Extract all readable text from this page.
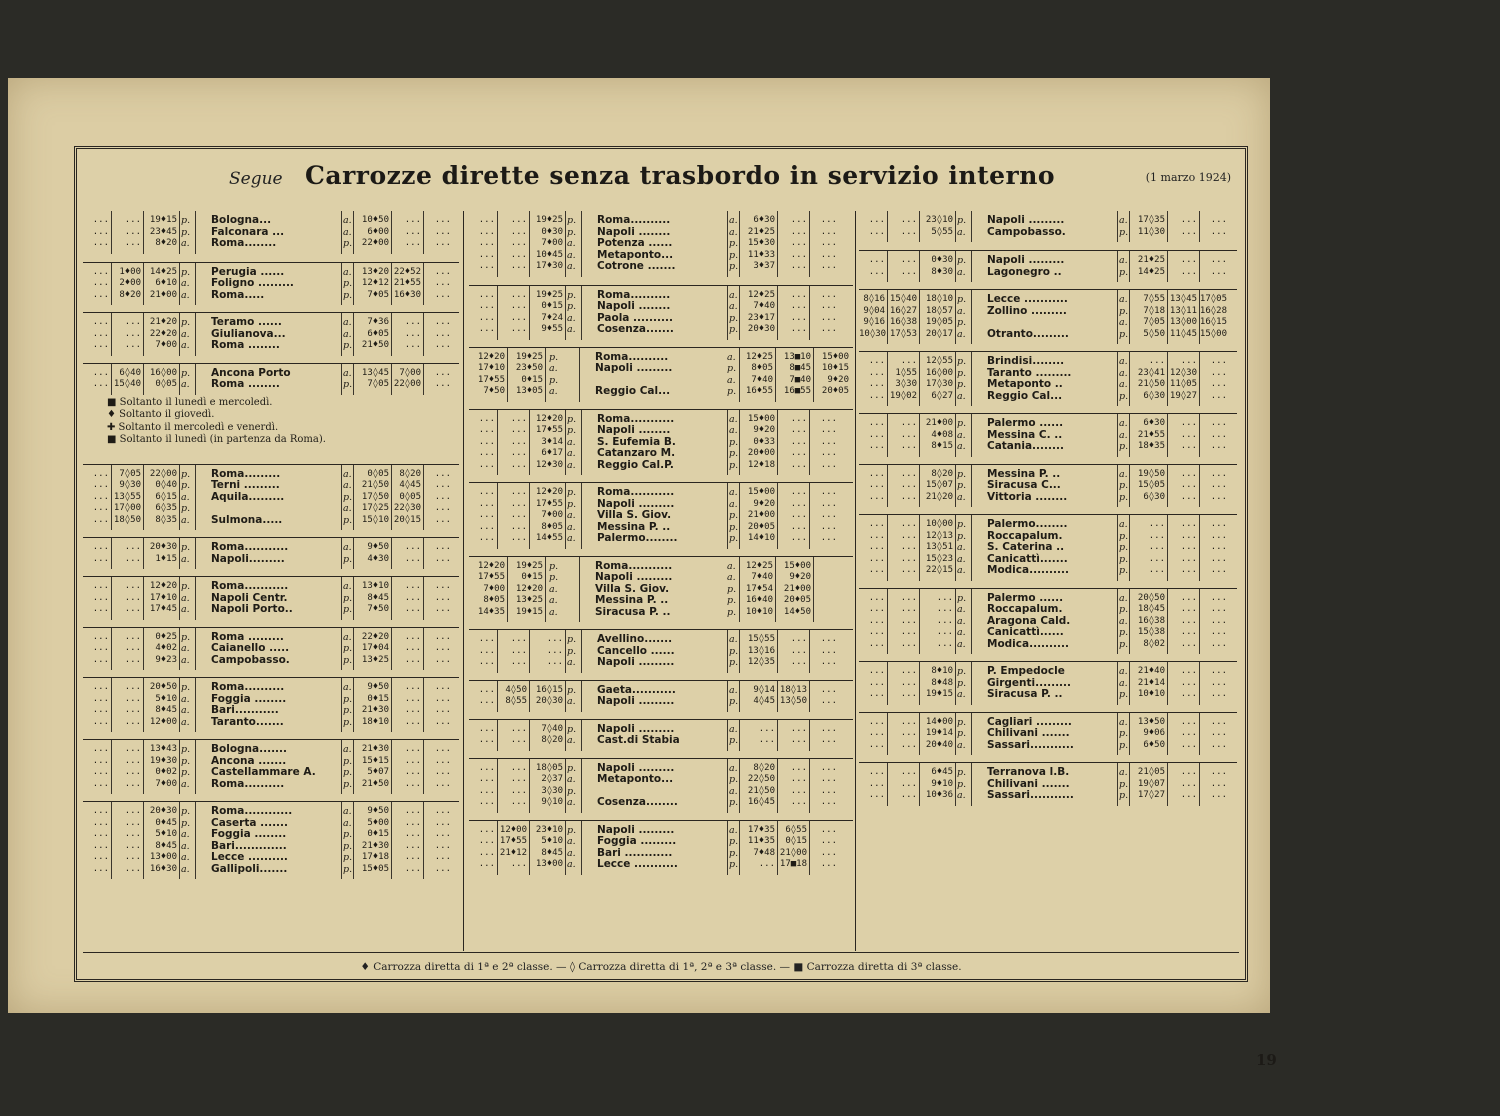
Segue Carrozze dirette senza trasbordo in servizio interno	(1 marzo 1924)
...	... 19♦15 p. Bologna...	a.	10♦50	...	...
...	... 23♦45 p. Falconara ...	a.	6♦00	...	...
...	...	8♦20 a. Roma........	p.	22♦00	...	...
...	1♦00 14♦25 p. Perugia ......	a.	13♦20 22♦52	...
...	2♦00	6♦10 a. Foligno .........	p.	12♦12 21♦55	...
...	8♦20 21♦00 a. Roma.....	p.	7♦05 16♦30	...
...	... 21♦20 p. Teramo ......	a.	7♦36	...	...
...	... 22♦20 a. Giulianova...	a.	6♦05	...	...
...	...	7♦00 a. Roma ........	p.	21♦50	...	...
...	6◊40 16◊00 p. Ancona Porto	a.	13◊45	7◊00	...
... 15◊40	0◊05 a. Roma ........	p.	7◊05 22◊00	...
■ Soltanto il lunedì e mercoledì.
♦ Soltanto il giovedì.
✚ Soltanto il mercoledì e venerdì.
■ Soltanto il lunedì (in partenza da Roma).
...	7◊05 22◊00 p. Roma.........	a.	0◊05	8◊20	...
...	9◊30	0◊40 p. Terni .........	a.	21◊50	4◊45	...
... 13◊55	6◊15 a. Aquila.........	p.	17◊50	0◊05	...
... 17◊00	6◊35 p.	a.	17◊25 22◊30	...
... 18◊50	8◊35 a. Sulmona.....	p.	15◊10 20◊15	...
...	... 20♦30 p. Roma...........	a.	9♦50	...	...
...	...	1♦15 a. Napoli.........	p.	4♦30	...	...
...	... 12♦20 p. Roma...........	a.	13♦10	...	...
...	... 17♦10 a. Napoli Centr.	p.	8♦45	...	...
...	... 17♦45 a. Napoli Porto..	p.	7♦50	...	...
...	...	0♦25 p. Roma .........	a.	22♦20	...	...
...	...	4♦02 a. Caianello .....	p.	17♦04	...	...
...	...	9♦23 a. Campobasso.	p.	13♦25	...	...
...	... 20♦50 p. Roma..........	a.	9♦50	...	...
...	...	5♦10 a. Foggia ........	p.	0♦15	...	...
...	...	8♦45 a. Bari...........	p.	21♦30	...	...
...	... 12♦00 a. Taranto.......	p.	18♦10	...	...
...	... 13♦43 p. Bologna.......	a.	21♦30	...	...
...	... 19♦30 p. Ancona .......	p.	15♦15	...	...
...	...	0♦02 p. Castellammare A.	p.	5♦07	...	...
...	...	7♦00 a. Roma..........	p.	21♦50	...	...
...	... 20♦30 p. Roma............	a.	9♦50	...	...
...	...	0♦45 p. Caserta .......	a.	5♦00	...	...
...	...	5♦10 a. Foggia ........	p.	0♦15	...	...
...	...	8♦45 a. Bari.............	p.	21♦30	...	...
...	... 13♦00 a. Lecce ..........	p.	17♦18	...	...
...	... 16♦30 a. Gallipoli.......	p.	15♦05	...	...
...	... 19♦25 p. Roma..........	a.	6♦30	...	...
...	...	0♦30 p. Napoli ........	a.	21♦25	...	...
...	...	7♦00 a. Potenza ......	p.	15♦30	...	...
...	... 10♦45 a. Metaponto...	p.	11♦33	...	...
...	... 17♦30 a. Cotrone .......	p.	3♦37	...	...
...	... 19♦25 p. Roma..........	a.	12♦25	...	...
...	...	0♦15 p. Napoli ........	a.	7♦40	...	...
...	...	7♦24 a. Paola ..........	p.	23♦17	...	...
...	...	9♦55 a. Cosenza.......	p.	20♦30	...	...
12♦20	19♦25 p.	Roma..........	a.	12♦25	13■10	15♦00
17♦10	23♦50 a.	Napoli .........	p.	8♦05	8■45	10♦15
17♦55	0♦15 p.	a.	7♦40	7■40	9♦20
7♦50	13♦05 a.	Reggio Cal...	p.	16♦55	16■55	20♦05
...	... 12♦20 p. Roma...........	a.	15♦00	...	...
...	... 17♦55 p. Napoli ........	a.	9♦20	...	...
...	...	3♦14 a. S. Eufemia B.	p.	0♦33	...	...
...	...	6♦17 a. Catanzaro M.	p.	20♦00	...	...
...	... 12♦30 a. Reggio Cal.P.	p.	12♦18	...	...
...	... 12♦20 p. Roma...........	a.	15♦00	...	...
...	... 17♦55 p. Napoli .........	a.	9♦20	...	...
...	...	7♦00 a. Villa S. Giov.	p.	21♦00	...	...
...	...	8♦05 a. Messina P. ..	p.	20♦05	...	...
...	... 14♦55 a. Palermo........	p.	14♦10	...	...
12♦20	19♦25 p.	Roma...........	a.	12♦25	15♦00
17♦55	0♦15 p.	Napoli .........	a.	7♦40	9♦20
7♦00	12♦20 a.	Villa S. Giov.	p.	17♦54	21♦00
8♦05	13♦25 a.	Messina P. ..	p.	16♦40	20♦05
14♦35	19♦15 a.	Siracusa P. ..	p.	10♦10	14♦50
...	...	... p. Avellino.......	a.	15◊55	...	...
...	...	... p. Cancello ......	p.	13◊16	...	...
...	...	... a. Napoli .........	p.	12◊35	...	...
...	4◊50 16◊15 p. Gaeta...........	a.	9◊14 18◊13	...
...	8◊55 20◊30 a. Napoli .........	p.	4◊45 13◊50	...
...	...	7◊40 p. Napoli .........	a.	...	...	...
...	...	8◊20 a. Cast.di Stabia	p.	...	...	...
...	... 18◊05 p. Napoli .........	a.	8◊20	...	...
...	...	2◊37 a. Metaponto...	p.	22◊50	...	...
...	...	3◊30 p.	a.	21◊50	...	...
...	...	9◊10 a. Cosenza........	p.	16◊45	...	...
... 12♦00 23♦10 p. Napoli .........	a.	17♦35	6◊55	...
... 17♦55	5♦10 a. Foggia .........	p.	11♦35	0◊15	...
... 21♦12	8♦45 a. Bari ............	p.	7♦48 21◊00	...
...	... 13♦00 a. Lecce ...........	p.	... 17■18	...
...	... 23◊10 p. Napoli .........	a.	17◊35	...	...
...	...	5◊55 a. Campobasso.	p.	11◊30	...	...
...	...	0♦30 p. Napoli .........	a.	21♦25	...	...
...	...	8♦30 a. Lagonegro ..	p.	14♦25	...	...
8◊16 15◊40 18◊10 p. Lecce ...........	a.	7◊55 13◊45 17◊05
9◊04 16◊27 18◊57 a. Zollino .........	p.	7◊18 13◊11 16◊28
9◊16 16◊38 19◊05 p.	a.	7◊05 13◊00 16◊15
10◊30 17◊53 20◊17 a. Otranto.........	p.	5◊50 11◊45 15◊00
...	... 12◊55 p. Brindisi........	a.	...	...	...
...	1◊55 16◊00 p. Taranto .........	a.	23◊41 12◊30	...
...	3◊30 17◊30 p. Metaponto ..	a.	21◊50 11◊05	...
... 19◊02	6◊27 a. Reggio Cal...	p.	6◊30 19◊27	...
...	... 21♦00 p. Palermo ......	a.	6♦30	...	...
...	...	4♦08 a. Messina C. ..	a.	21♦55	...	...
...	...	8♦15 a. Catania........	p.	18♦35	...	...
...	...	8◊20 p. Messina P. ..	a.	19◊50	...	...
...	... 15◊07 p. Siracusa C...	p.	15◊05	...	...
...	... 21◊20 a. Vittoria ........	p.	6◊30	...	...
...	... 10◊00 p. Palermo........	a.	...	...	...
...	... 12◊13 p. Roccapalum.	p.	...	...	...
...	... 13◊51 a. S. Caterina ..	p.	...	...	...
...	... 15◊23 a. Canicattì.......	p.	...	...	...
...	... 22◊15 a. Modica..........	p.	...	...	...
...	...	... p. Palermo ......	a.	20◊50	...	...
...	...	... a. Roccapalum.	p.	18◊45	...	...
...	...	... a. Aragona Cald.	a.	16◊38	...	...
...	...	... a. Canicattì......	p.	15◊38	...	...
...	...	... a. Modica..........	p.	8◊02	...	...
...	...	8♦10 p. P. Empedocle	a.	21♦40	...	...
...	...	8♦48 p. Girgenti.........	a.	21♦14	...	...
...	... 19♦15 a. Siracusa P. ..	p.	10♦10	...	...
...	... 14♦00 p. Cagliari .........	a.	13♦50	...	...
...	... 19♦14 p. Chilivani .......	p.	9♦06	...	...
...	... 20♦40 a. Sassari...........	p.	6♦50	...	...
...	...	6♦45 p. Terranova l.B.	a.	21◊05	...	...
...	...	9♦10 p. Chilivani .......	p.	19◊07	...	...
...	... 10♦36 a. Sassari...........	p.	17◊27	...	...
♦ Carrozza diretta di 1ª e 2ª classe. — ◊ Carrozza diretta di 1ª, 2ª e 3ª classe. — ■ Carrozza diretta di 3ª classe.
19
